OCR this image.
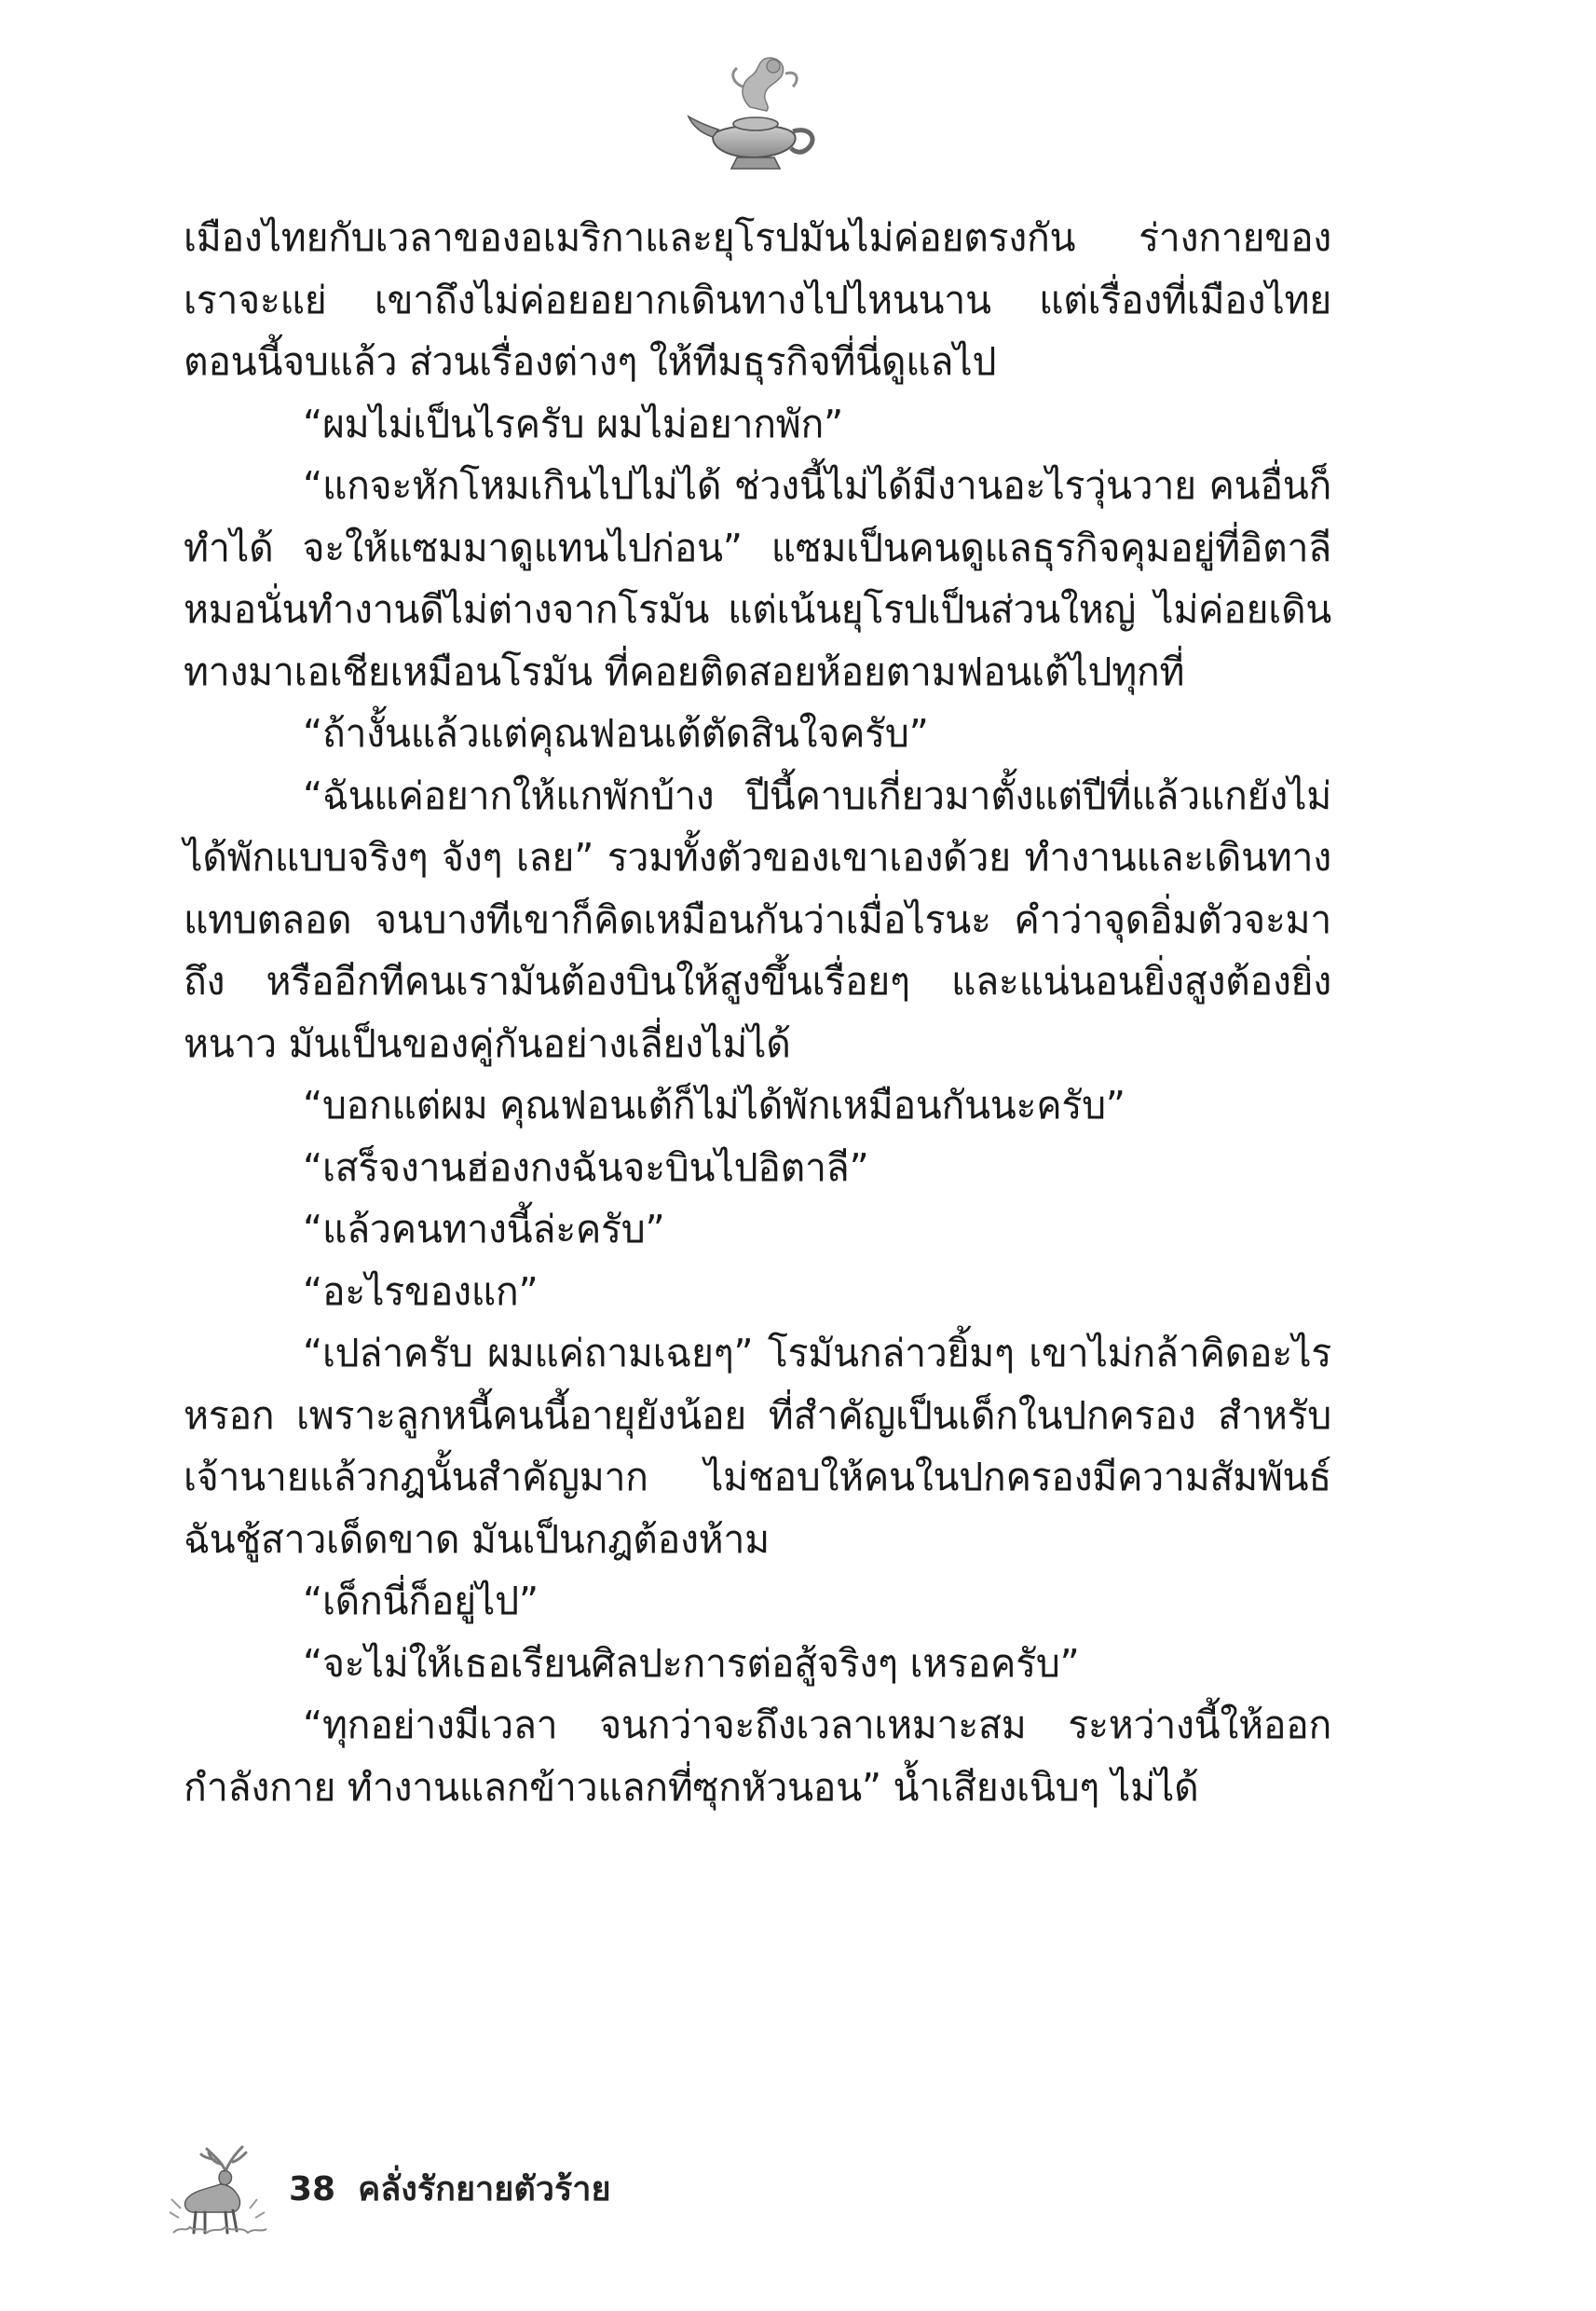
เมืองไทยกับเวลาของอเมริกาและยุโรปมันไม่ค่อยตรงกัน ร่างกายของเราจะแย่ เขาถึงไม่ค่อยอยากเดินทางไปไหนนาน แต่เรื่องที่เมืองไทยตอนนี้จบแล้ว ส่วนเรื่องต่างๆ ให้ทีมธุรกิจที่นี่ดูแลไป

“ผมไม่เป็นไรครับ ผมไม่อยากพัก”

“แกจะหักโหมเกินไปไม่ได้ ช่วงนี้ไม่ได้มีงานอะไรวุ่นวาย คนอื่นก็ทำได้ จะให้แซมมาดูแทนไปก่อน” แซมเป็นคนดูแลธุรกิจคุมอยู่ที่อิตาลี หมอนั่นทำงานดีไม่ต่างจากโรมัน แต่เน้นยุโรปเป็นส่วนใหญ่ ไม่ค่อยเดินทางมาเอเชียเหมือนโรมัน ที่คอยติดสอยห้อยตามฟอนเต้ไปทุกที่

“ถ้างั้นแล้วแต่คุณฟอนเต้ตัดสินใจครับ”

“ฉันแค่อยากให้แกพักบ้าง ปีนี้คาบเกี่ยวมาตั้งแต่ปีที่แล้วแกยังไม่ได้พักแบบจริงๆ จังๆ เลย” รวมทั้งตัวของเขาเองด้วย ทำงานและเดินทางแทบตลอด จนบางทีเขาก็คิดเหมือนกันว่าเมื่อไรนะ คำว่าจุดอิ่มตัวจะมาถึง หรืออีกทีคนเรามันต้องบินให้สูงขึ้นเรื่อยๆ และแน่นอนยิ่งสูงต้องยิ่งหนาว มันเป็นของคู่กันอย่างเลี่ยงไม่ได้

“บอกแต่ผม คุณฟอนเต้ก็ไม่ได้พักเหมือนกันนะครับ”

“เสร็จงานฮ่องกงฉันจะบินไปอิตาลี”

“แล้วคนทางนี้ล่ะครับ”

“อะไรของแก”

“เปล่าครับ ผมแค่ถามเฉยๆ” โรมันกล่าวยิ้มๆ เขาไม่กล้าคิดอะไรหรอก เพราะลูกหนี้คนนี้อายุยังน้อย ที่สำคัญเป็นเด็กในปกครอง สำหรับเจ้านายแล้วกฎนั้นสำคัญมาก ไม่ชอบให้คนในปกครองมีความสัมพันธ์ฉันชู้สาวเด็ดขาด มันเป็นกฎต้องห้าม

“เด็กนี่ก็อยู่ไป”

“จะไม่ให้เธอเรียนศิลปะการต่อสู้จริงๆ เหรอครับ”

“ทุกอย่างมีเวลา จนกว่าจะถึงเวลาเหมาะสม ระหว่างนี้ให้ออกกำลังกาย ทำงานแลกข้าวแลกที่ซุกหัวนอน” น้ำเสียงเนิบๆ ไม่ได้

38 คลั่งรักยายตัวร้าย
